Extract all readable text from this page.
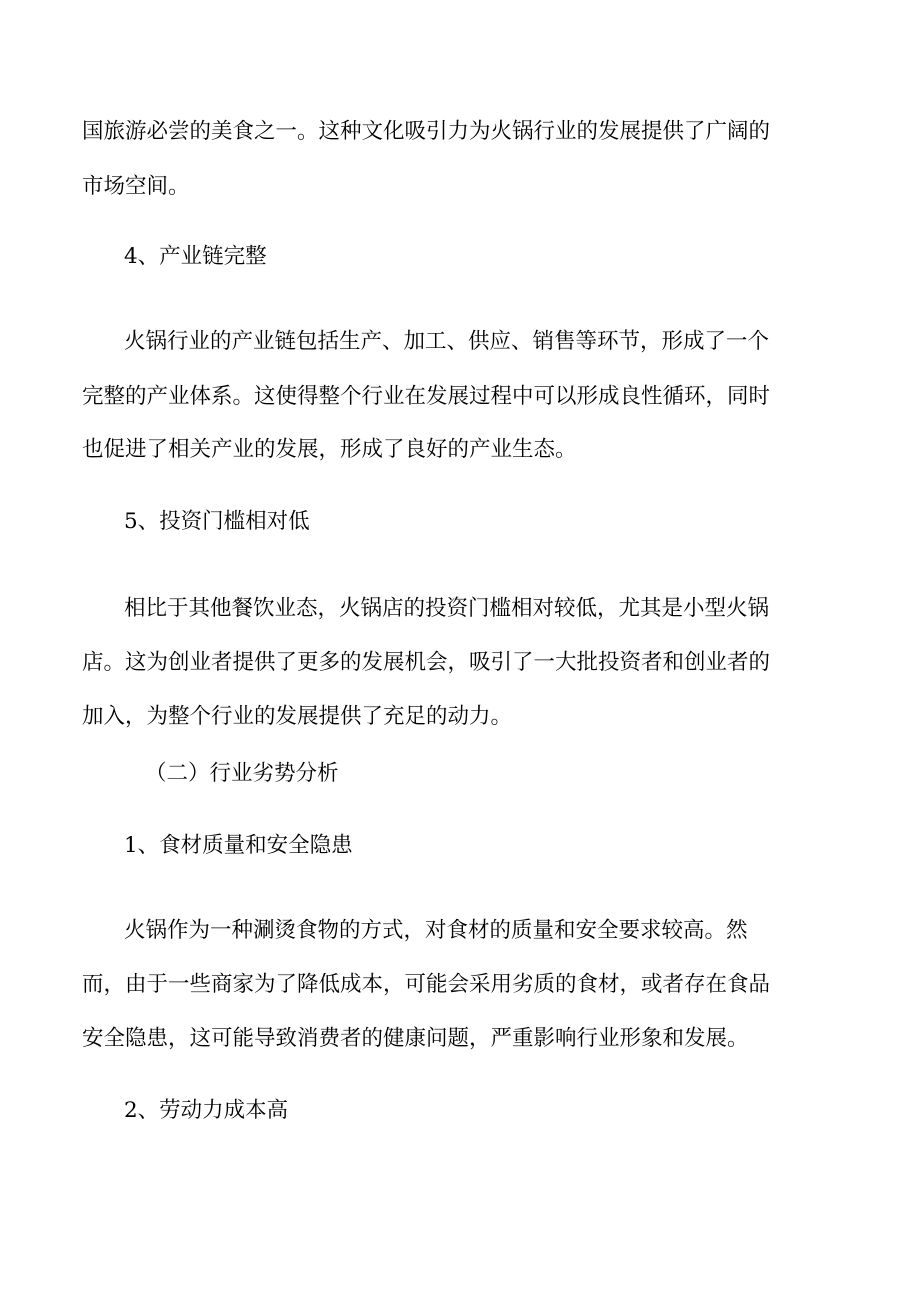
国旅游必尝的美食之一。这种文化吸引力为火锅行业的发展提供了广阔的
市场空间。
4、产业链完整
火锅行业的产业链包括生产、加工、供应、销售等环节，形成了一个
完整的产业体系。这使得整个行业在发展过程中可以形成良性循环，同时
也促进了相关产业的发展，形成了良好的产业生态。
5、投资门槛相对低
相比于其他餐饮业态，火锅店的投资门槛相对较低，尤其是小型火锅
店。这为创业者提供了更多的发展机会，吸引了一大批投资者和创业者的
加入，为整个行业的发展提供了充足的动力。
（二）行业劣势分析
1、食材质量和安全隐患
火锅作为一种涮烫食物的方式，对食材的质量和安全要求较高。然
而，由于一些商家为了降低成本，可能会采用劣质的食材，或者存在食品
安全隐患，这可能导致消费者的健康问题，严重影响行业形象和发展。
2、劳动力成本高
